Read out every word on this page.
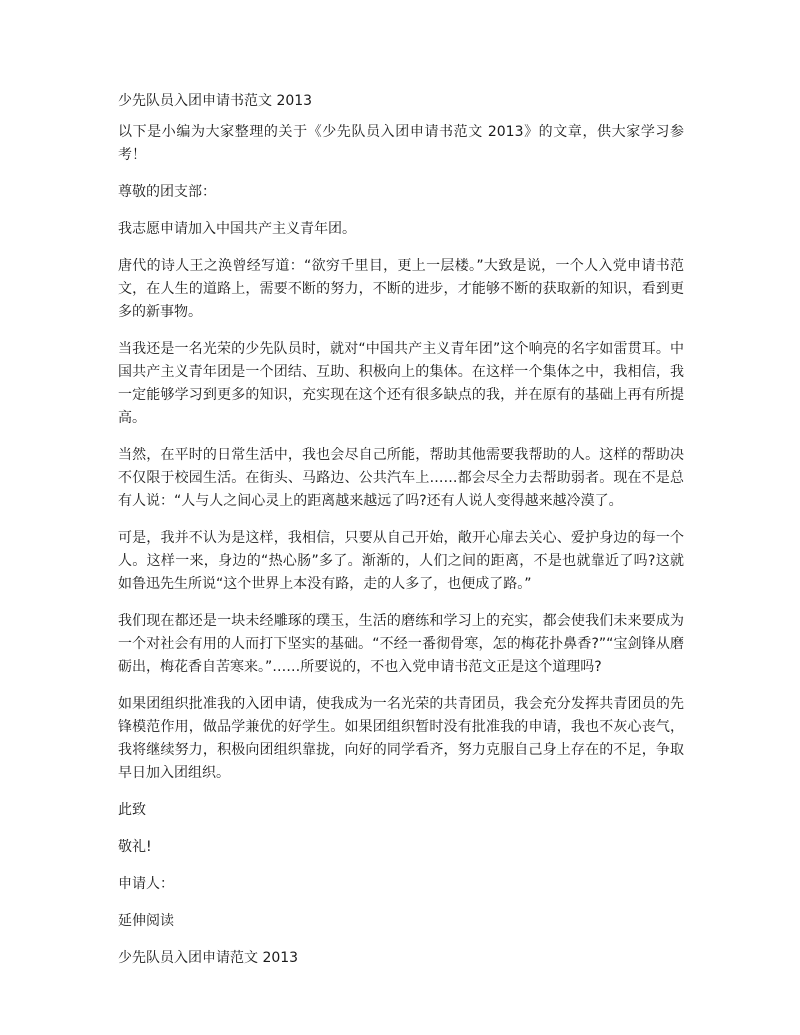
少先队员入团申请书范文 2013

以下是小编为大家整理的关于《少先队员入团申请书范文 2013》的文章，供大家学习参考！

尊敬的团支部：

我志愿申请加入中国共产主义青年团。

唐代的诗人王之涣曾经写道：“欲穷千里目，更上一层楼。”大致是说，一个人入党申请书范文，在人生的道路上，需要不断的努力，不断的进步，才能够不断的获取新的知识，看到更多的新事物。

当我还是一名光荣的少先队员时，就对“中国共产主义青年团”这个响亮的名字如雷贯耳。中国共产主义青年团是一个团结、互助、积极向上的集体。在这样一个集体之中，我相信，我一定能够学习到更多的知识，充实现在这个还有很多缺点的我，并在原有的基础上再有所提高。

当然，在平时的日常生活中，我也会尽自己所能，帮助其他需要我帮助的人。这样的帮助决不仅限于校园生活。在街头、马路边、公共汽车上……都会尽全力去帮助弱者。现在不是总有人说：“人与人之间心灵上的距离越来越远了吗?还有人说人变得越来越冷漠了。

可是，我并不认为是这样，我相信，只要从自己开始，敞开心扉去关心、爱护身边的每一个人。这样一来，身边的“热心肠”多了。渐渐的，人们之间的距离，不是也就靠近了吗?这就如鲁迅先生所说“这个世界上本没有路，走的人多了，也便成了路。”

我们现在都还是一块未经雕琢的璞玉，生活的磨练和学习上的充实，都会使我们未来要成为一个对社会有用的人而打下坚实的基础。“不经一番彻骨寒，怎的梅花扑鼻香?”“宝剑锋从磨砺出，梅花香自苦寒来。”……所要说的，不也入党申请书范文正是这个道理吗?

如果团组织批准我的入团申请，使我成为一名光荣的共青团员，我会充分发挥共青团员的先锋模范作用，做品学兼优的好学生。如果团组织暂时没有批准我的申请，我也不灰心丧气，我将继续努力，积极向团组织靠拢，向好的同学看齐，努力克服自己身上存在的不足，争取早日加入团组织。

此致

敬礼!

申请人：

延伸阅读

少先队员入团申请范文 2013
